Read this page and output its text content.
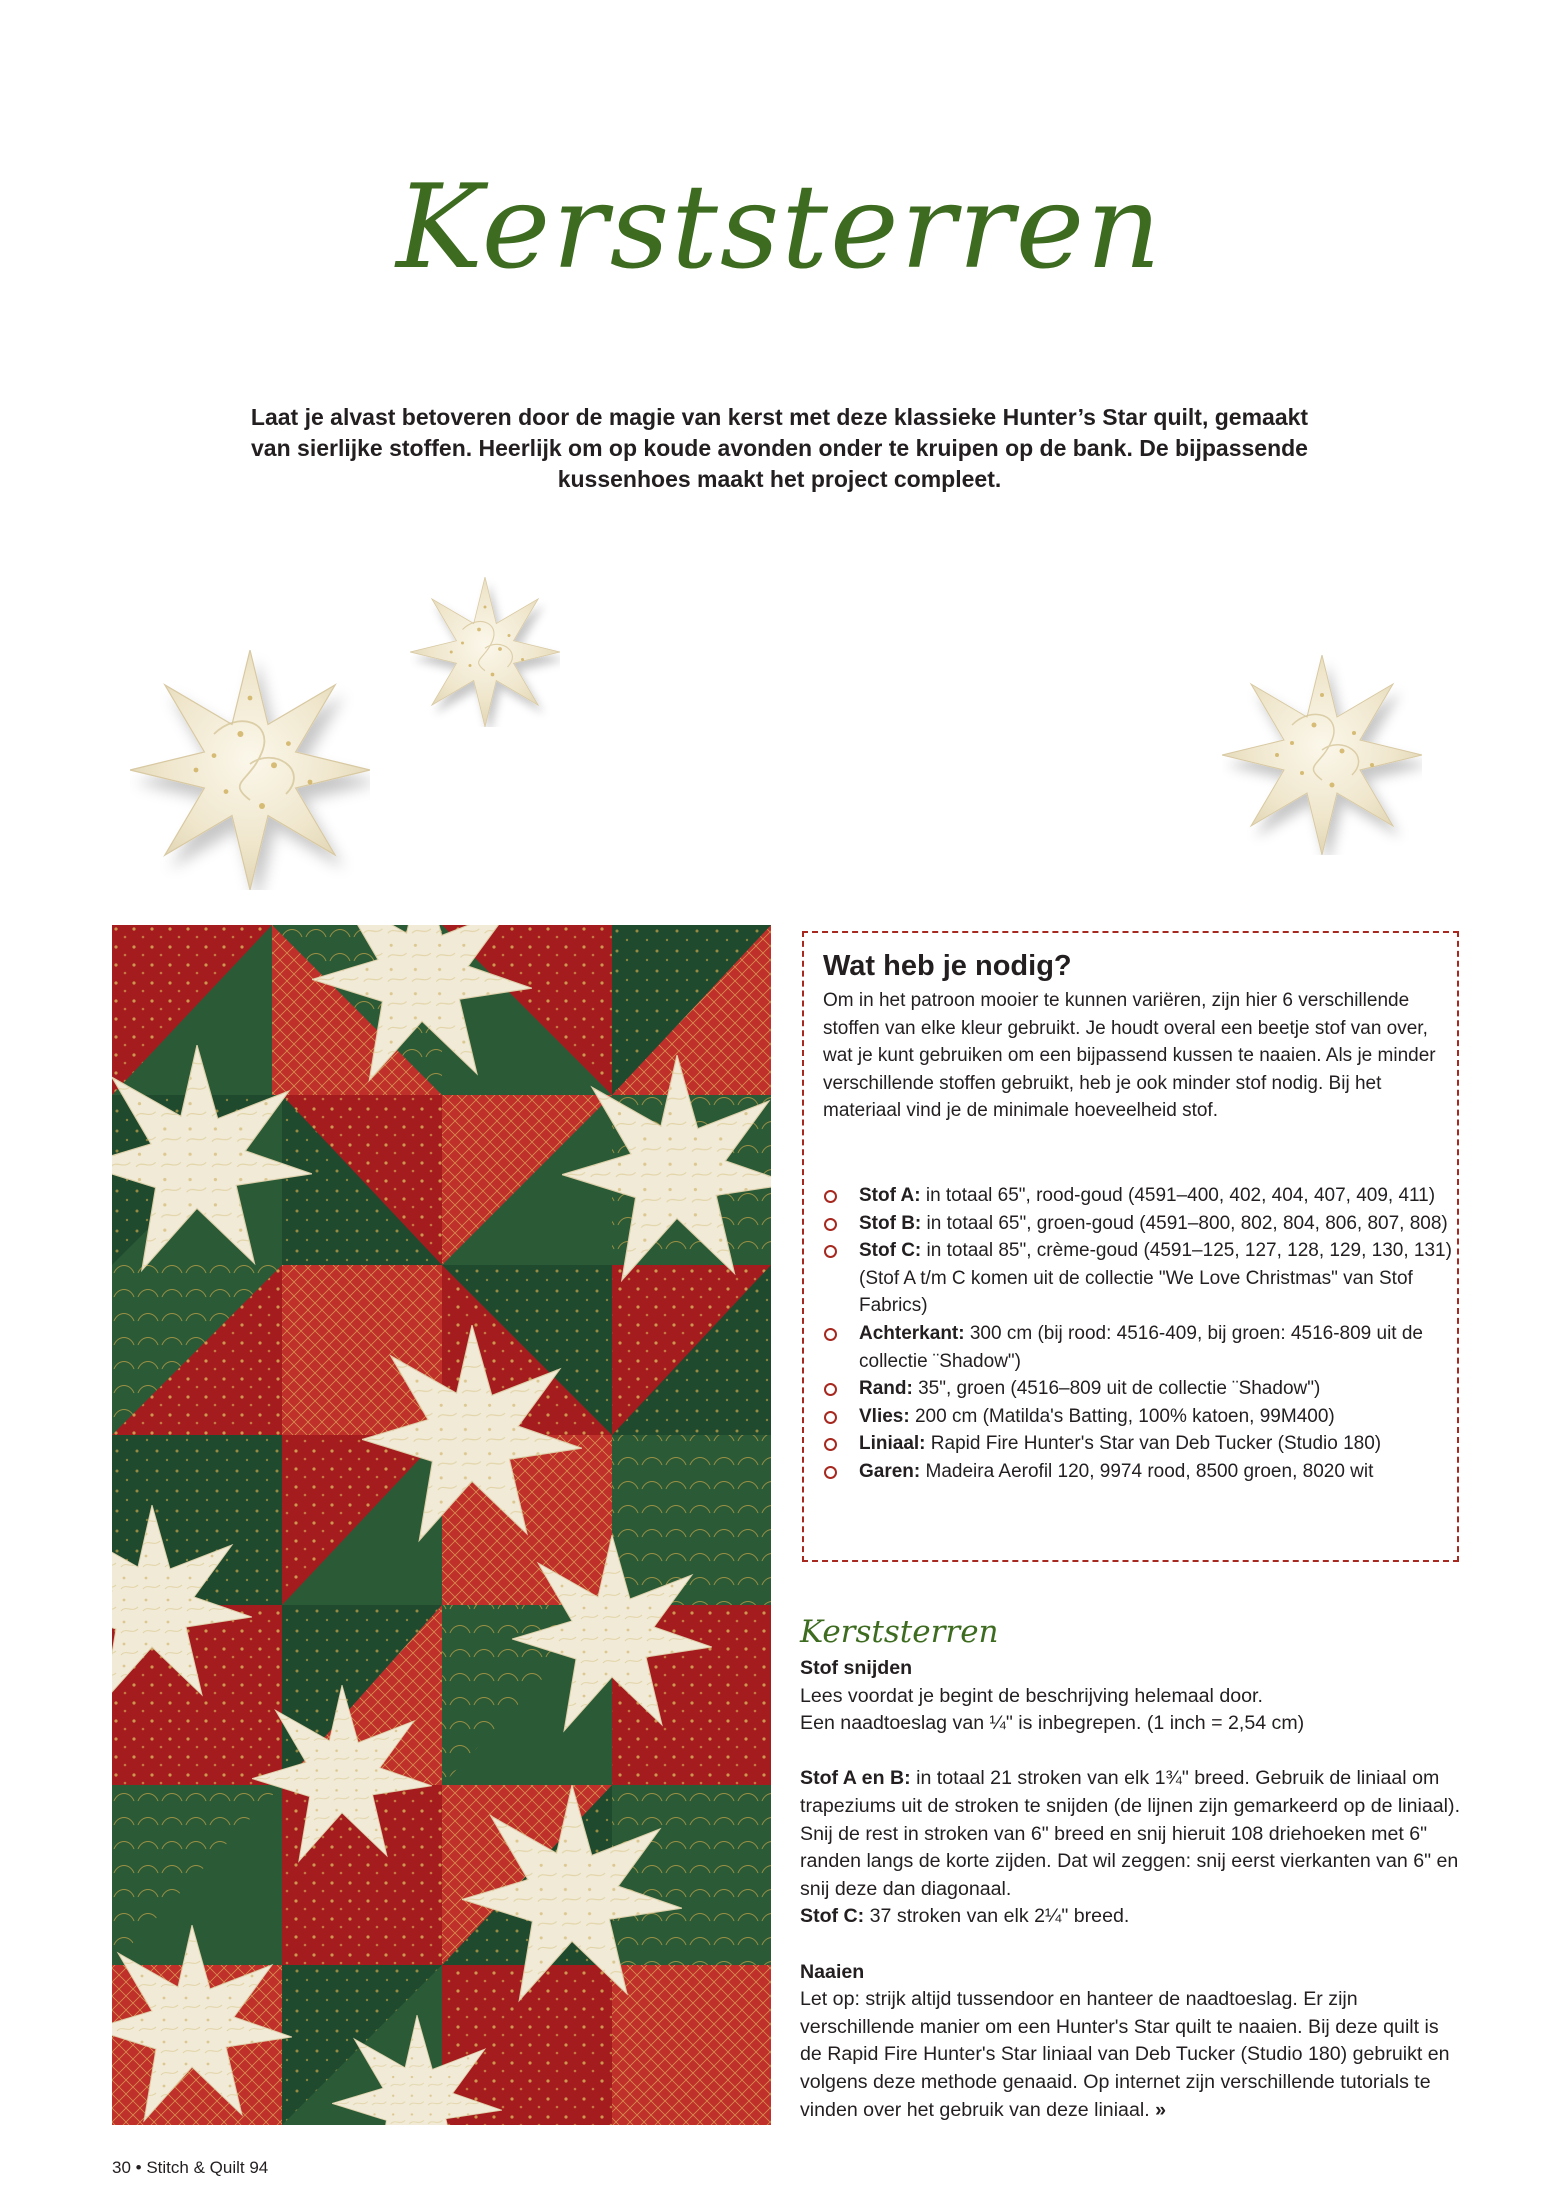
Kerststerren

Laat je alvast betoveren door de magie van kerst met deze klassieke Hunter’s Star quilt, gemaakt van sierlijke stoffen. Heerlijk om op koude avonden onder te kruipen op de bank. De bijpassende kussenhoes maakt het project compleet.

Wat heb je nodig?

Om in het patroon mooier te kunnen variëren, zijn hier 6 verschillende stoffen van elke kleur gebruikt. Je houdt overal een beetje stof van over, wat je kunt gebruiken om een bijpassend kussen te naaien. Als je minder verschillende stoffen gebruikt, heb je ook minder stof nodig. Bij het materiaal vind je de minimale hoeveelheid stof.

Stof A: in totaal 65", rood-goud (4591–400, 402, 404, 407, 409, 411)
Stof B: in totaal 65", groen-goud (4591–800, 802, 804, 806, 807, 808)
Stof C: in totaal 85", crème-goud (4591–125, 127, 128, 129, 130, 131) (Stof A t/m C komen uit de collectie "We Love Christmas" van Stof Fabrics)
Achterkant: 300 cm (bij rood: 4516-409, bij groen: 4516-809 uit de collectie ¨Shadow")
Rand: 35", groen (4516–809 uit de collectie ¨Shadow")
Vlies: 200 cm (Matilda's Batting, 100% katoen, 99M400)
Liniaal: Rapid Fire Hunter's Star van Deb Tucker (Studio 180)
Garen: Madeira Aerofil 120, 9974 rood, 8500 groen, 8020 wit
Kerststerren

Stof snijden

Lees voordat je begint de beschrijving helemaal door.

Een naadtoeslag van ¼" is inbegrepen. (1 inch = 2,54 cm)

Stof A en B: in totaal 21 stroken van elk 1¾" breed. Gebruik de liniaal om trapeziums uit de stroken te snijden (de lijnen zijn gemarkeerd op de liniaal). Snij de rest in stroken van 6" breed en snij hieruit 108 driehoeken met 6" randen langs de korte zijden. Dat wil zeggen: snij eerst vierkanten van 6" en snij deze dan diagonaal.

Stof C: 37 stroken van elk 2¼" breed.

Naaien

Let op: strijk altijd tussendoor en hanteer de naadtoeslag. Er zijn verschillende manier om een Hunter's Star quilt te naaien. Bij deze quilt is de Rapid Fire Hunter's Star liniaal van Deb Tucker (Studio 180) gebruikt en volgens deze methode genaaid. Op internet zijn verschillende tutorials te vinden over het gebruik van deze liniaal. »

30 • Stitch & Quilt 94
